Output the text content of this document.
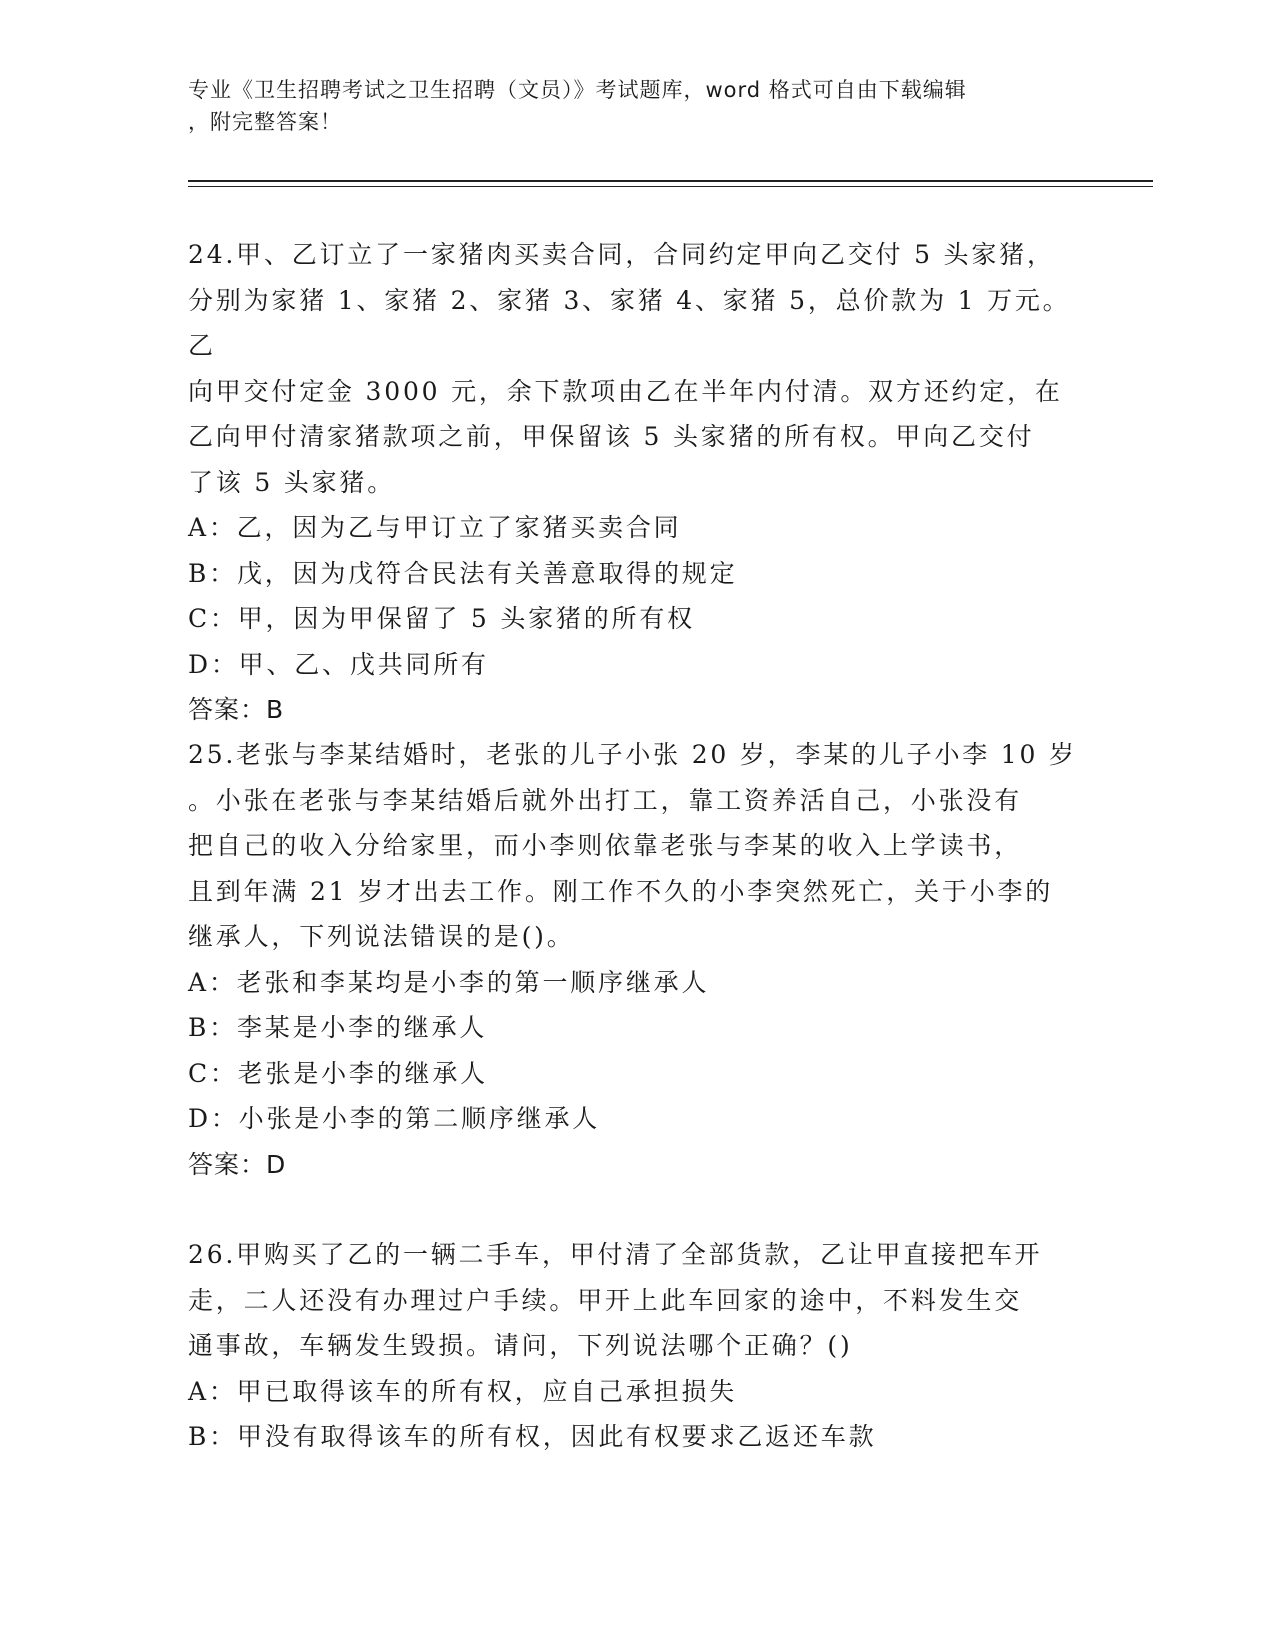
专业《卫生招聘考试之卫生招聘（文员）》考试题库，word 格式可自由下载编辑
，附完整答案！
24.甲、乙订立了一家猪肉买卖合同，合同约定甲向乙交付 5 头家猪，
分别为家猪 1、家猪 2、家猪 3、家猪 4、家猪 5，总价款为 1 万元。乙
向甲交付定金 3000 元，余下款项由乙在半年内付清。双方还约定，在
乙向甲付清家猪款项之前，甲保留该 5 头家猪的所有权。甲向乙交付
了该 5 头家猪。
A：乙，因为乙与甲订立了家猪买卖合同
B：戊，因为戊符合民法有关善意取得的规定
C：甲，因为甲保留了 5 头家猪的所有权
D：甲、乙、戊共同所有
答案：B
25.老张与李某结婚时，老张的儿子小张 20 岁，李某的儿子小李 10 岁
。小张在老张与李某结婚后就外出打工，靠工资养活自己，小张没有
把自己的收入分给家里，而小李则依靠老张与李某的收入上学读书，
且到年满 21 岁才出去工作。刚工作不久的小李突然死亡，关于小李的
继承人，下列说法错误的是()。
A：老张和李某均是小李的第一顺序继承人
B：李某是小李的继承人
C：老张是小李的继承人
D：小张是小李的第二顺序继承人
答案：D
26.甲购买了乙的一辆二手车，甲付清了全部货款，乙让甲直接把车开
走，二人还没有办理过户手续。甲开上此车回家的途中，不料发生交
通事故，车辆发生毁损。请问，下列说法哪个正确？()
A：甲已取得该车的所有权，应自己承担损失
B：甲没有取得该车的所有权，因此有权要求乙返还车款
